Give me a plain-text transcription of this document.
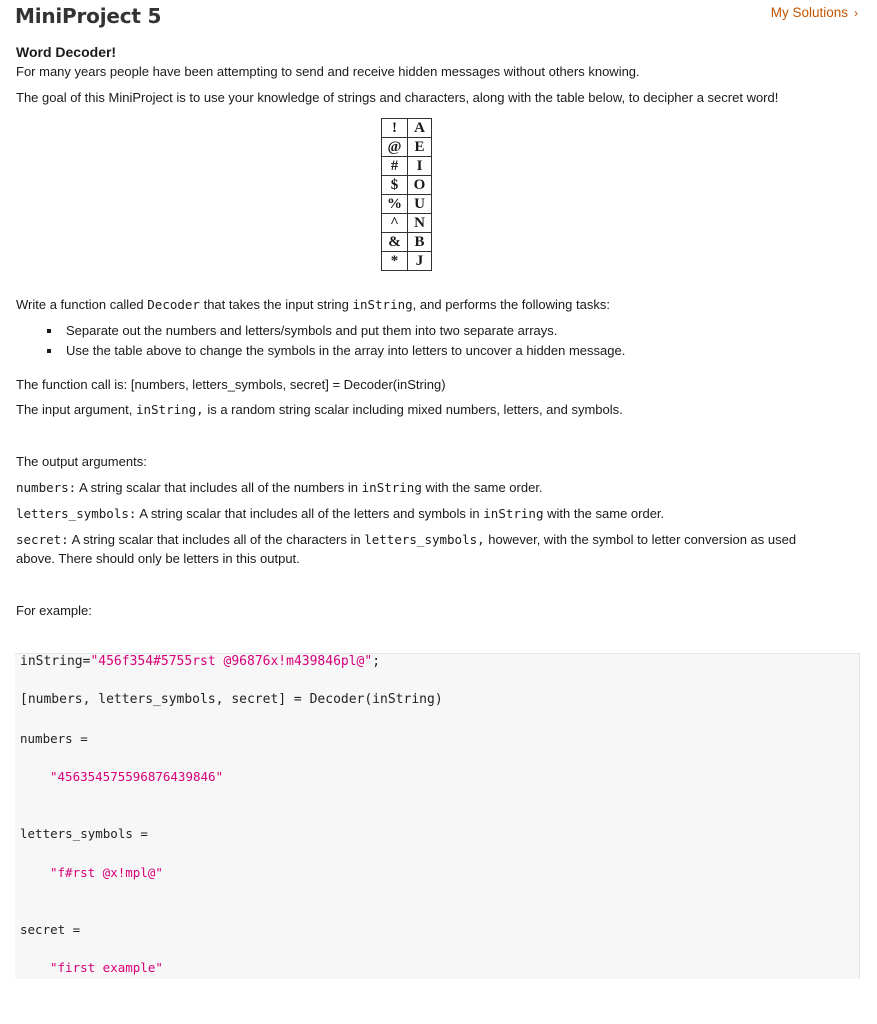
MiniProject 5	My Solutions ›
Word Decoder!

For many years people have been attempting to send and receive hidden messages without others knowing.

The goal of this MiniProject is to use your knowledge of strings and characters, along with the table below, to decipher a secret word!

!	A
@	E
#	I
$	O
%	U
^	N
&	B
*	J

Write a function called Decoder that takes the input string inString, and performs the following tasks:

▪ Separate out the numbers and letters/symbols and put them into two separate arrays.
▪ Use the table above to change the symbols in the array into letters to uncover a hidden message.

The function call is: [numbers, letters_symbols, secret] = Decoder(inString)

The input argument, inString, is a random string scalar including mixed numbers, letters, and symbols.

The output arguments:

numbers: A string scalar that includes all of the numbers in inString with the same order.

letters_symbols: A string scalar that includes all of the letters and symbols in inString with the same order.

secret: A string scalar that includes all of the characters in letters_symbols, however, with the symbol to letter conversion as used

above. There should only be letters in this output.

For example:

inString="456f354#5755rst @96876x!m439846pl@";
[numbers, letters_symbols, secret] = Decoder(inString)
numbers =
"456354575596876439846"
letters_symbols =
"f#rst @x!mpl@"
secret =
"first example"
